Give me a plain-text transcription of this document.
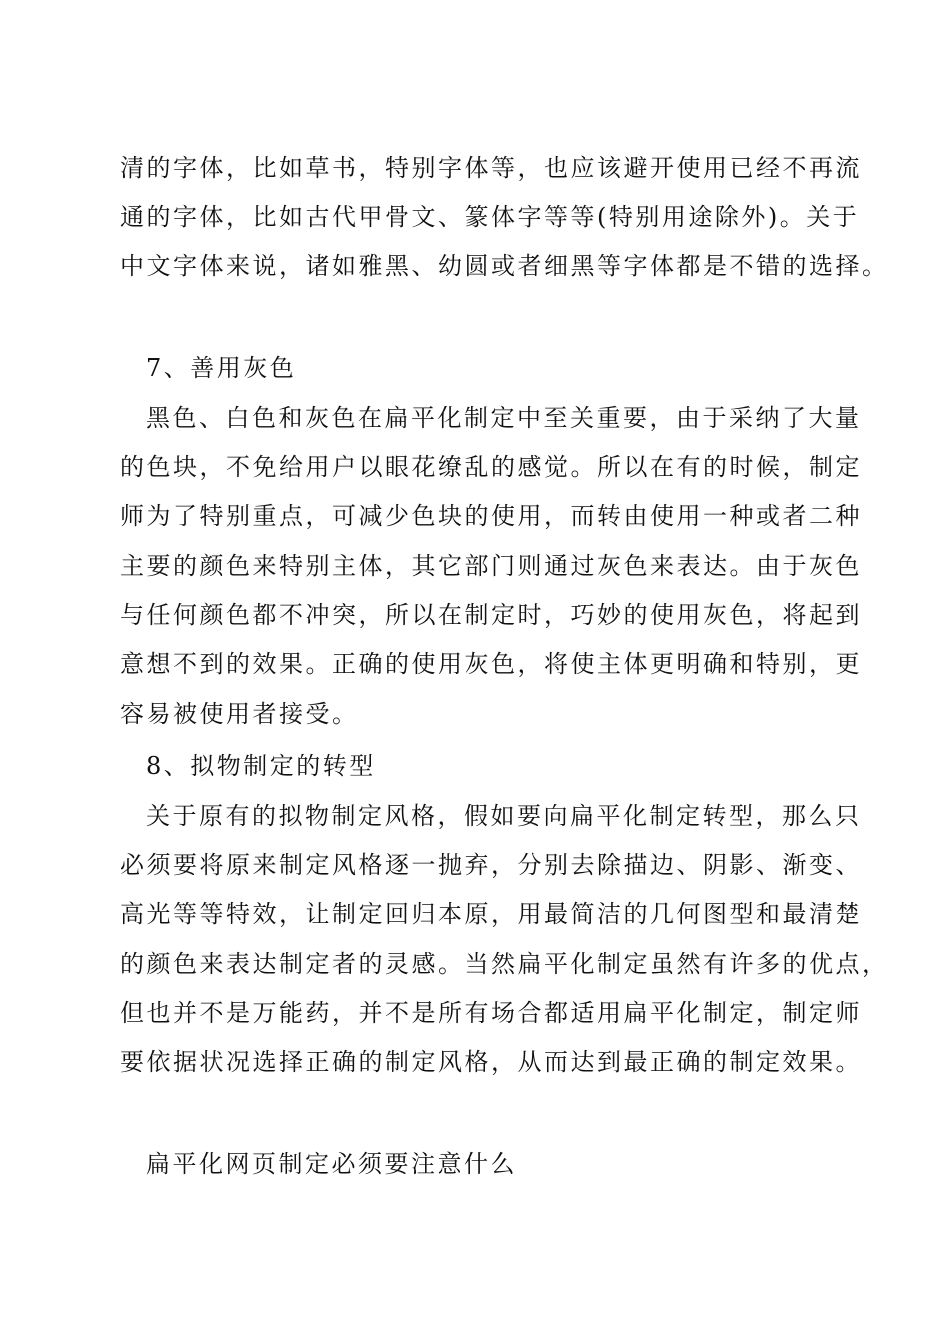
清的字体，比如草书，特别字体等，也应该避开使用已经不再流
通的字体，比如古代甲骨文、篆体字等等(特别用途除外)。关于
中文字体来说，诸如雅黑、幼圆或者细黑等字体都是不错的选择。
7、善用灰色
黑色、白色和灰色在扁平化制定中至关重要，由于采纳了大量
的色块，不免给用户以眼花缭乱的感觉。所以在有的时候，制定
师为了特别重点，可减少色块的使用，而转由使用一种或者二种
主要的颜色来特别主体，其它部门则通过灰色来表达。由于灰色
与任何颜色都不冲突，所以在制定时，巧妙的使用灰色，将起到
意想不到的效果。正确的使用灰色，将使主体更明确和特别，更
容易被使用者接受。
8、拟物制定的转型
关于原有的拟物制定风格，假如要向扁平化制定转型，那么只
必须要将原来制定风格逐一抛弃，分别去除描边、阴影、渐变、
高光等等特效，让制定回归本原，用最简洁的几何图型和最清楚
的颜色来表达制定者的灵感。当然扁平化制定虽然有许多的优点，
但也并不是万能药，并不是所有场合都适用扁平化制定，制定师
要依据状况选择正确的制定风格，从而达到最正确的制定效果。
扁平化网页制定必须要注意什么
